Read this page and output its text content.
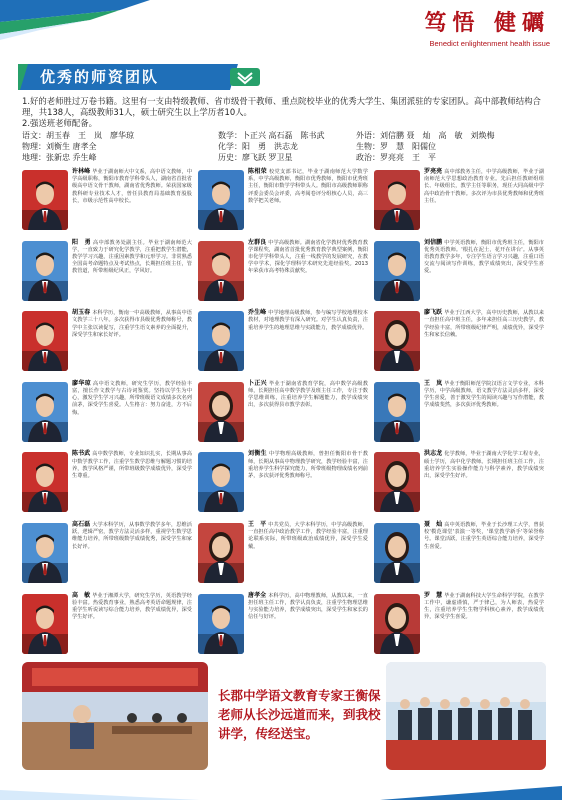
笃悟 健礪
Benedict enlightenment health issue
优秀的师资团队

1.好的老师胜过万卷书籍。这里有一支由特级教师、省市级骨干教师、重点院校毕业的优秀大学生、集团派驻的专家团队。高中部教师结构合理，共138人，高级教师31人，硕士研究生以上学历者10人。

2.强送班老师配备。

语文：胡玉春　王　岚　廖华琼	数学：卜正兴 高石磊　陈书武	外语：刘信鹏 聂　灿　高　敏　刘焕梅
物理：刘衡生 唐孝全	化学：阳　勇　洪志龙	生物：罗　慧　阳儒位
地理：张新忠 乔生峰	历史：廖飞跃 罗卫星	政治：罗亮亮　王　平
许林峰 毕业于湖南师大中文系，高中语文教师，中学高级职称，衡阳市教育学科带头人，湖南省首批省级高中语文骨干教师，湖南省优秀教师。荣获国家级教科研专业技术人才，曾任县教育局基础教育股股长，市级示范性高中校长。
陈相荣 校党支部书记，毕业于湖南师范大学数学系，中学高级教师，衡阳市优秀教师，衡阳市优秀班主任，衡阳市数学学科带头人。衡阳市高级教师职称评委会委员会评委，高考阅卷评分组核心人员，高三数学把关老师。
罗亮亮 高中部教务主任，中学高级教师，毕业于湖南师范大学思想政治教育专业。先后担任教研组组长、年级组长，教学主任等职务，现任大同高级中学高中政治骨干教师。多次评为市县优秀教师和优秀班主任。
阳　勇 高中部教务处副主任。毕业于湖南师范大学，一直致力于研究化学教学，注重把教学生潜能，教学学习兴趣，注重因素教学和元形学习。非常熟悉全国高考命题特点及考试热点，长期担任班主任，管教管道，所带班级纪风正，学风好。
左群良 中学高级教师。湖南省化学教材优秀教育教学课程奖，湖南省首批优秀教育教学典型案例，衡阳市化学学科带头人，注重一线教学的发展研究，在教学中学术，探化学理科学术研究先进经验奖。2013年荣获市高考特殊贡献奖。
刘信鹏 中学英语教师，衡阳市优秀班主任，衡阳市优秀英语教师。'根扎在泥土，花开在讲台'。从事英语教育教学多年，专注学生语言学习兴趣，注重口语交流与阅读写作训练，教学成绩突出，深受学生喜爱。
胡玉春 本科学历，衡南一中高级教师，从事高中语文教学三十八年。多次获得市县级优秀教师称号，教学中主张以读促写，注重学生语文素养的全面提升，深受学生和家长好评。
乔生峰 中学地理高级教师，参与编写学校地理校本教材，对地理教学有深入研究。对学生认真负责，注重培养学生的地理思维与实践能力，教学成绩优异。
廖飞跃 毕业于江西大学，高中历史教师，从教以来一直担任高中班主任，多年来担任高三历史教学，教学经验丰富，所带班级纪律严明，成绩优异，深受学生和家长信赖。
廖华琼 高中语文教师，研究生学历，教学经验丰富，擅长作文教学与古诗词鉴赏。坚持以学生为中心，激发学生学习兴趣，所带班级语文成绩多次名列前茅，深受学生喜爱。人生格言：努力奋进，方不后悔。
卜正兴 毕业于湖南省教育学院，高中数学高级教师，长期担任高中数学教学及班主任工作，专注于数学思维训练，注重培养学生解题能力，教学成绩突出，多次获得县市教学表彰。
王　岚 毕业于衡阳师范学院汉语言文学专业，本科学历，中学高级教师，语文教学方法灵活多样，深受学生喜爱，善于激发学生的阅读兴趣与写作潜能，教学成绩斐然，多次获评优秀教师。
陈书武 高中数学教师，专业知识扎实，长期从事高中数学教学工作，注重学生数学思维与解题习惯的培养，教学风格严谨，所带班级数学成绩优异，深受学生尊重。
刘衡生 中学物理高级教师，曾担任衡阳市骨干教师，长期从事高中物理教学研究，教学经验丰富，注重培养学生科学探究能力，所带班级物理成绩名列前茅，多次获评优秀教师称号。
洪志龙 化学教师，毕业于湖南大学化学工程专业，硕士学历，高中化学教师。长期担任班主任工作，注重培养学生实验操作能力与科学素养，教学成绩突出，深受学生好评。
高石磊 大学本科学历，从事数学教学多年，思维活跃，逻辑严密，教学方法灵活多样，重视学生数学思维能力培养，所带班级数学成绩优秀，深受学生和家长好评。
王　平 中共党员，大学本科学历，中学高级教师，一直担任高中政治教学工作，教学经验丰富，注重理论联系实际，所带班级政治成绩优异，深受学生爱戴。
聂　灿 高中英语教师，毕业于长沙理工大学，曾获校'模范课堂'表演一等奖，'课堂教学新手'等荣誉称号。课堂活跃，注重学生英语综合能力培养，深受学生喜爱。
高　敏 毕业于湘潭大学，研究生学历，英语教学经验丰富。热爱教育事业，熟悉高考英语命题规律，注重学生听说读写综合能力培养，教学成绩优异，深受学生好评。
唐孝全 本科学历，高中物理教师，从教以来，一直担任班主任工作，教学认真负责，注重学生物理思维与实验能力培养，教学成绩突出，深受学生和家长的信任与好评。
罗　慧 毕业于湖南科技大学生命科学学院，在教学工作中，谦虚谨慎，严于律己，为人师表，热爱学生，注重培养学生生物学科核心素养，教学成绩优异，深受学生喜爱。
长郡中学语文教育专家王衡保老师从长沙远道而来，到我校讲学，传经送宝。
